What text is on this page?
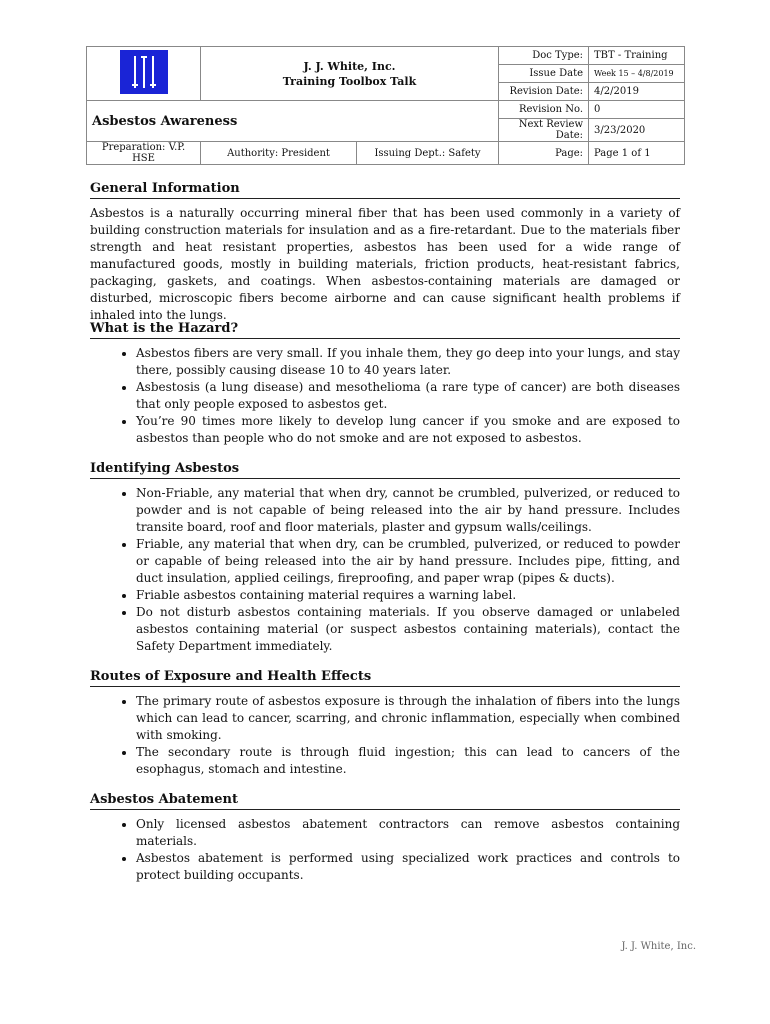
	J. J. White, Inc.
Training Toolbox Talk		Doc Type:	TBT - Training
			Issue Date	Week 15 – 4/8/2019
			Revision Date:	4/2/2019
Asbestos Awareness			Revision No.	0
			Next Review Date:	3/23/2020
Preparation: V.P. HSE	Authority: President	Issuing Dept.: Safety	Page:	Page 1 of 1
General Information

Asbestos is a naturally occurring mineral fiber that has been used commonly in a variety of building construction materials for insulation and as a fire-retardant. Due to the materials fiber strength and heat resistant properties, asbestos has been used for a wide range of manufactured goods, mostly in building materials, friction products, heat-resistant fabrics, packaging, gaskets, and coatings. When asbestos-containing materials are damaged or disturbed, microscopic fibers become airborne and can cause significant health problems if inhaled into the lungs.

What is the Hazard?
• Asbestos fibers are very small. If you inhale them, they go deep into your lungs, and stay there, possibly causing disease 10 to 40 years later.
• Asbestosis (a lung disease) and mesothelioma (a rare type of cancer) are both diseases that only people exposed to asbestos get.
• You’re 90 times more likely to develop lung cancer if you smoke and are exposed to asbestos than people who do not smoke and are not exposed to asbestos.
Identifying Asbestos
• Non-Friable, any material that when dry, cannot be crumbled, pulverized, or reduced to powder and is not capable of being released into the air by hand pressure. Includes transite board, roof and floor materials, plaster and gypsum walls/ceilings.
• Friable, any material that when dry, can be crumbled, pulverized, or reduced to powder or capable of being released into the air by hand pressure. Includes pipe, fitting, and duct insulation, applied ceilings, fireproofing, and paper wrap (pipes & ducts).
• Friable asbestos containing material requires a warning label.
• Do not disturb asbestos containing materials. If you observe damaged or unlabeled asbestos containing material (or suspect asbestos containing materials), contact the Safety Department immediately.
Routes of Exposure and Health Effects
• The primary route of asbestos exposure is through the inhalation of fibers into the lungs which can lead to cancer, scarring, and chronic inflammation, especially when combined with smoking.
• The secondary route is through fluid ingestion; this can lead to cancers of the esophagus, stomach and intestine.
Asbestos Abatement
• Only licensed asbestos abatement contractors can remove asbestos containing materials.
• Asbestos abatement is performed using specialized work practices and controls to protect building occupants.
J. J. White, Inc.
